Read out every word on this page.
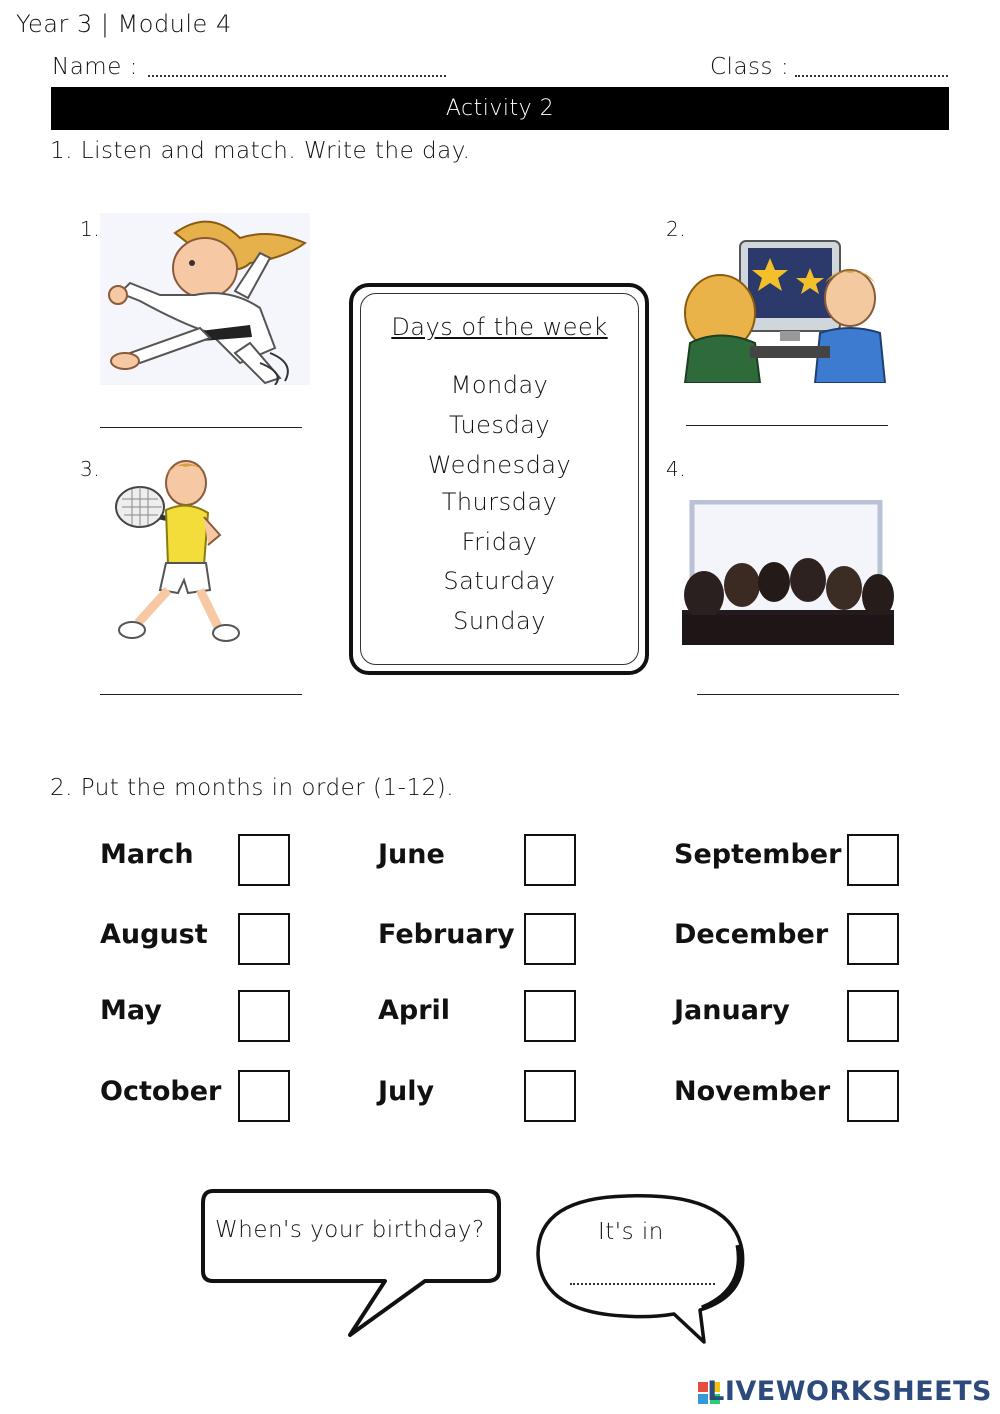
Year 3 | Module 4
Name :	Class :
Activity 2
1. Listen and match. Write the day.
1.	2.
3.	4.
Days of the week
Monday
Tuesday
Wednesday
Thursday
Friday
Saturday
Sunday
2. Put the months in order (1-12).
March	June	September
August	February	December
May	April	January
October	July	November
When's your birthday?	It's in
LIVEWORKSHEETS
